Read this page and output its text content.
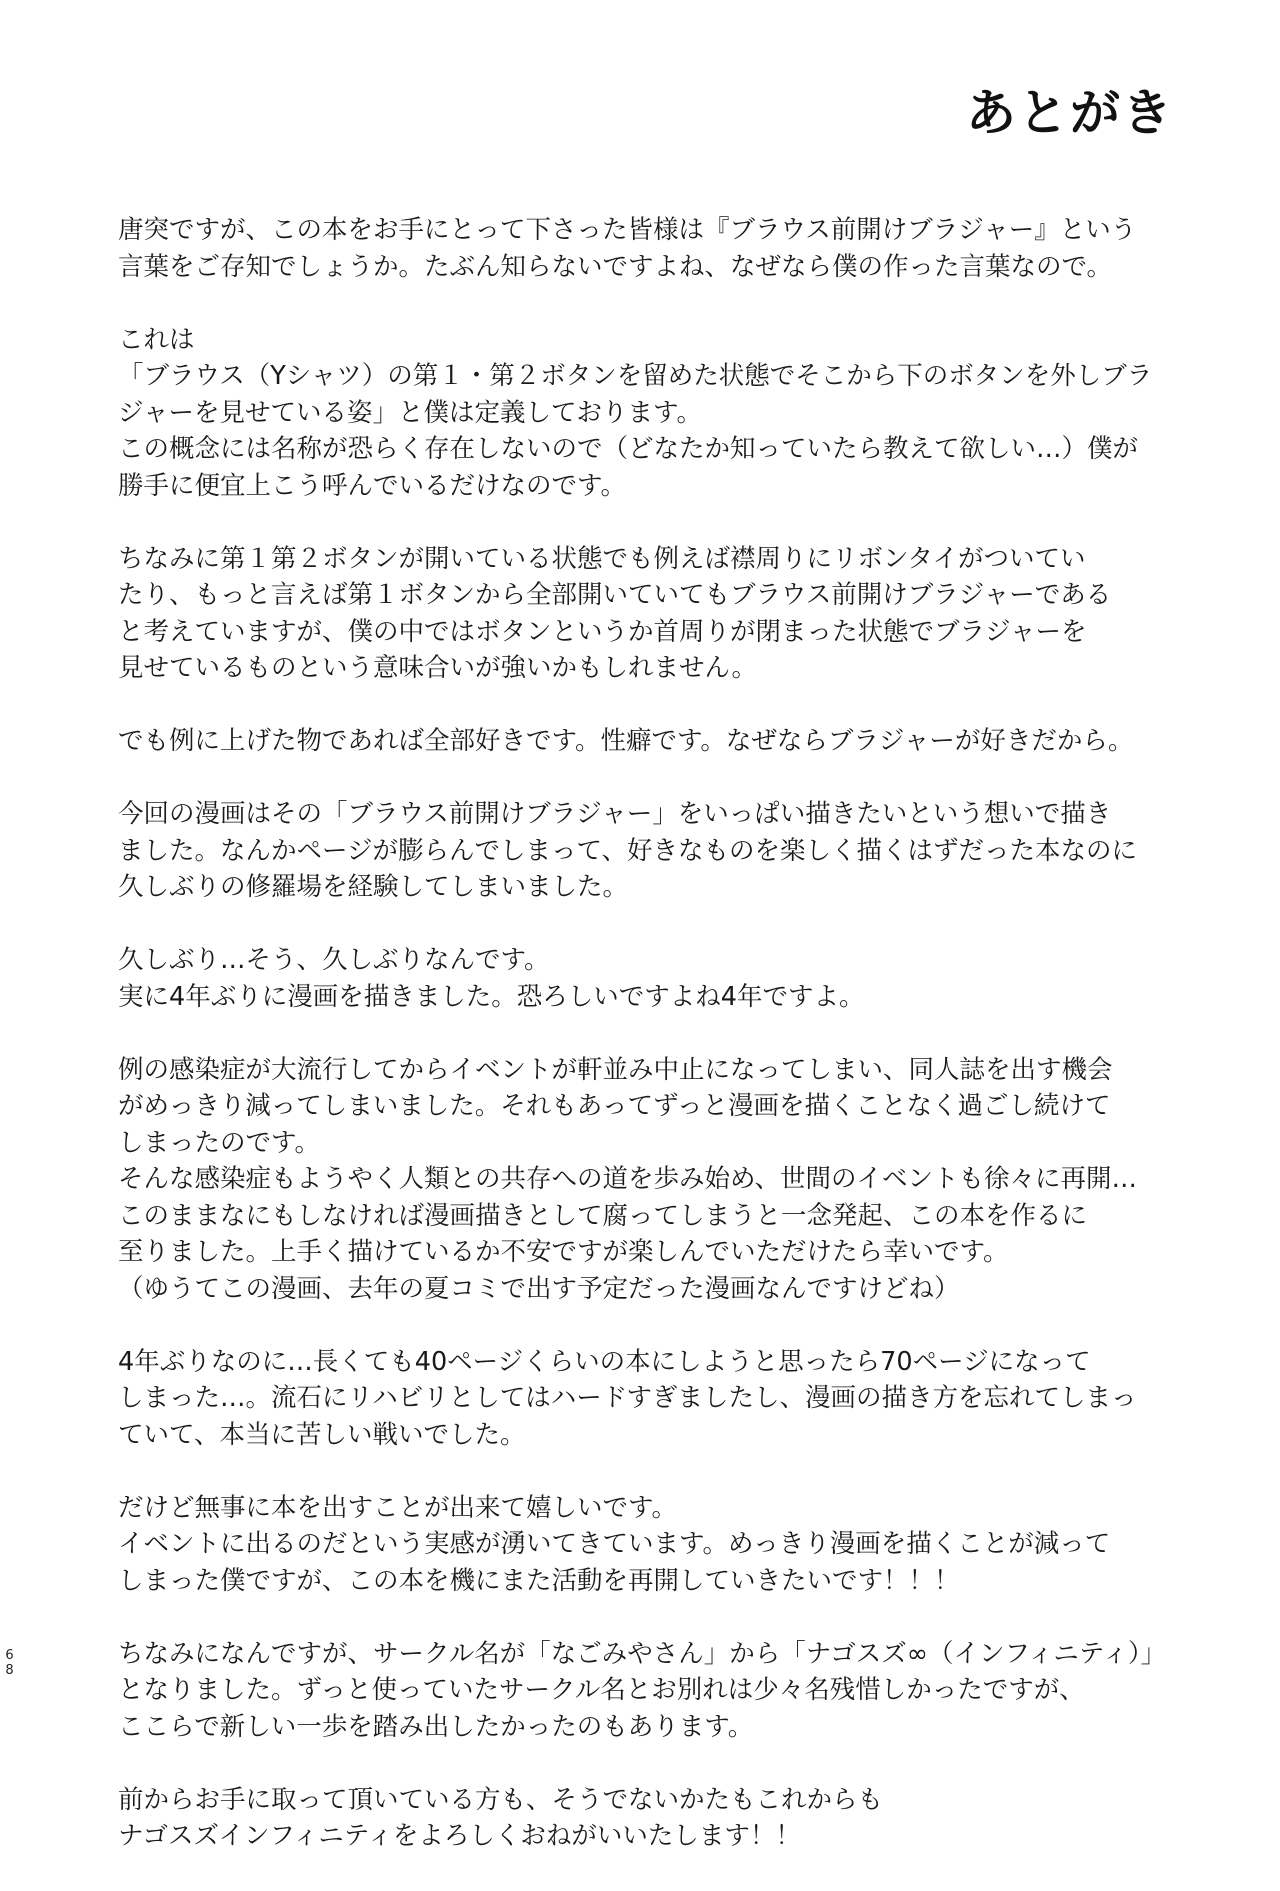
あとがき
唐突ですが、この本をお手にとって下さった皆様は『ブラウス前開けブラジャー』という
言葉をご存知でしょうか。たぶん知らないですよね、なぜなら僕の作った言葉なので。
これは
「ブラウス（Yシャツ）の第１・第２ボタンを留めた状態でそこから下のボタンを外しブラ
ジャーを見せている姿」と僕は定義しております。
この概念には名称が恐らく存在しないので（どなたか知っていたら教えて欲しい…）僕が
勝手に便宜上こう呼んでいるだけなのです。
ちなみに第１第２ボタンが開いている状態でも例えば襟周りにリボンタイがついてい
たり、もっと言えば第１ボタンから全部開いていてもブラウス前開けブラジャーである
と考えていますが、僕の中ではボタンというか首周りが閉まった状態でブラジャーを
見せているものという意味合いが強いかもしれません。
でも例に上げた物であれば全部好きです。性癖です。なぜならブラジャーが好きだから。
今回の漫画はその「ブラウス前開けブラジャー」をいっぱい描きたいという想いで描き
ました。なんかページが膨らんでしまって、好きなものを楽しく描くはずだった本なのに
久しぶりの修羅場を経験してしまいました。
久しぶり…そう、久しぶりなんです。
実に4年ぶりに漫画を描きました。恐ろしいですよね4年ですよ。
例の感染症が大流行してからイベントが軒並み中止になってしまい、同人誌を出す機会
がめっきり減ってしまいました。それもあってずっと漫画を描くことなく過ごし続けて
しまったのです。
そんな感染症もようやく人類との共存への道を歩み始め、世間のイベントも徐々に再開…
このままなにもしなければ漫画描きとして腐ってしまうと一念発起、この本を作るに
至りました。上手く描けているか不安ですが楽しんでいただけたら幸いです。
（ゆうてこの漫画、去年の夏コミで出す予定だった漫画なんですけどね）
4年ぶりなのに…長くても40ページくらいの本にしようと思ったら70ページになって
しまった…。流石にリハビリとしてはハードすぎましたし、漫画の描き方を忘れてしまっ
ていて、本当に苦しい戦いでした。
だけど無事に本を出すことが出来て嬉しいです。
イベントに出るのだという実感が湧いてきています。めっきり漫画を描くことが減って
しまった僕ですが、この本を機にまた活動を再開していきたいです！！！
ちなみになんですが、サークル名が「なごみやさん」から「ナゴスズ∞（インフィニティ）」
となりました。ずっと使っていたサークル名とお別れは少々名残惜しかったですが、
ここらで新しい一歩を踏み出したかったのもあります。
前からお手に取って頂いている方も、そうでないかたもこれからも
ナゴスズインフィニティをよろしくおねがいいたします！！
68
